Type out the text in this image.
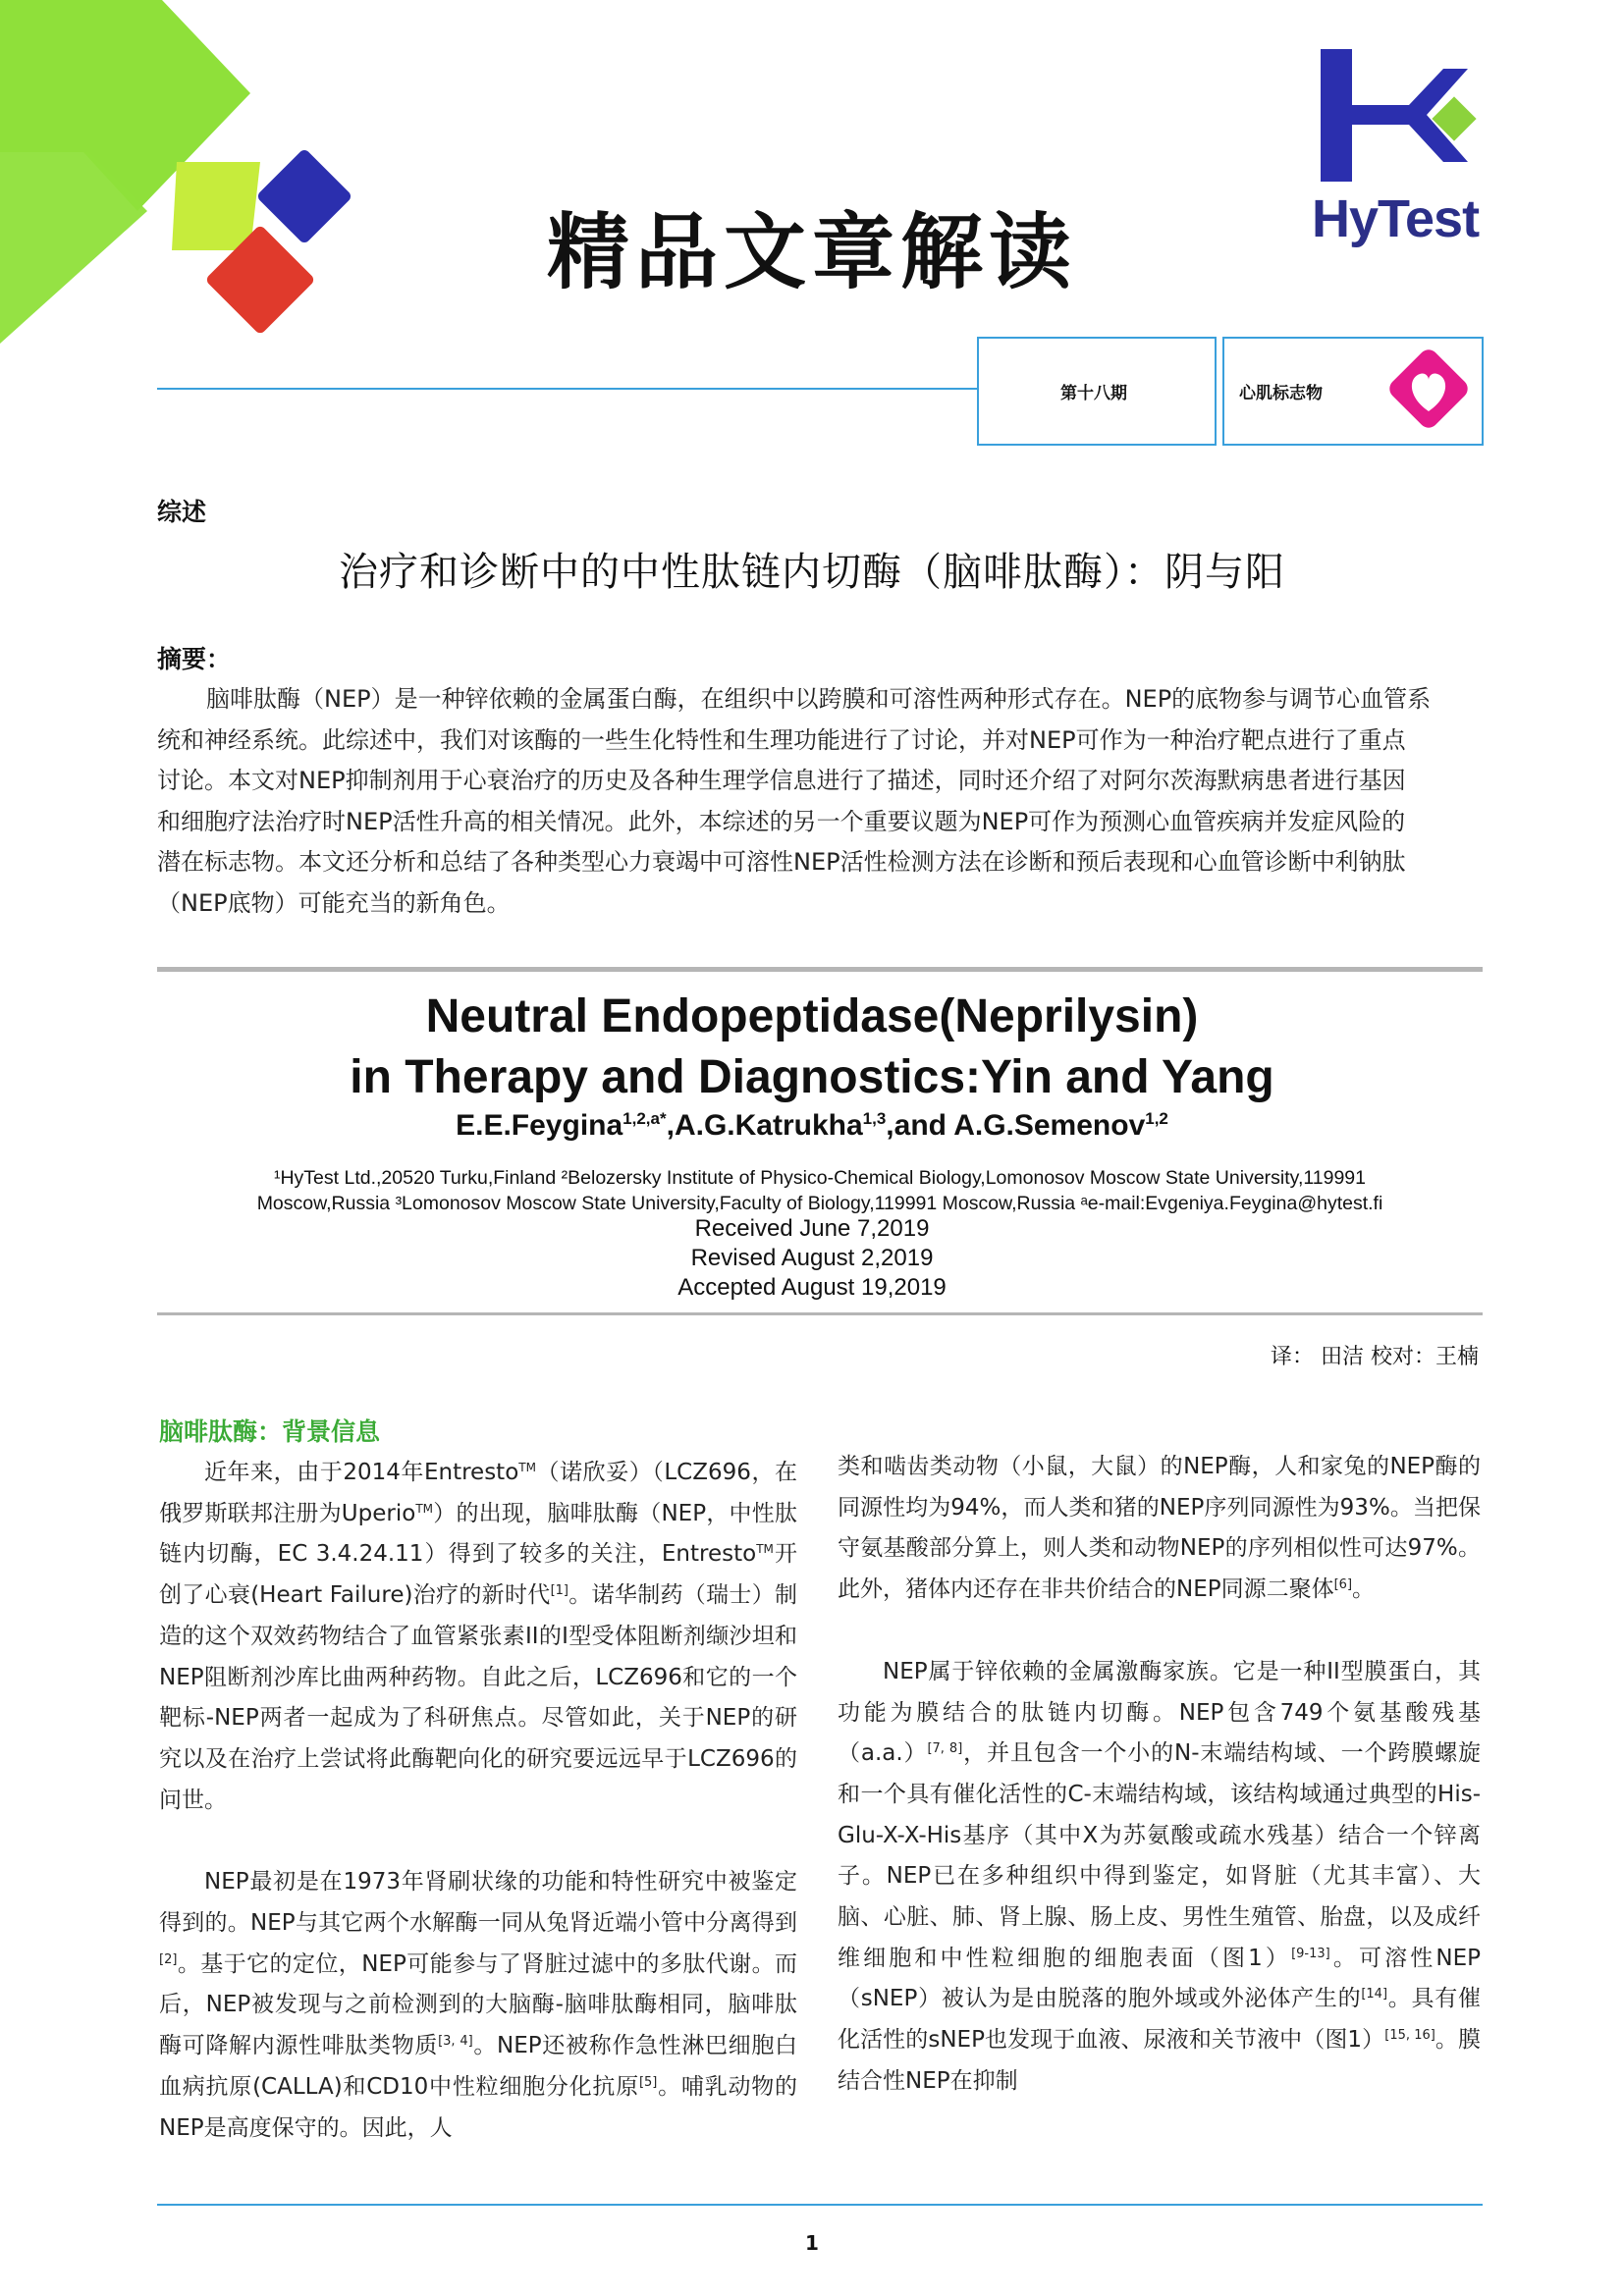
HyTest
精品文章解读
第十八期	心肌标志物
综述
治疗和诊断中的中性肽链内切酶（脑啡肽酶）：阴与阳
摘要：
脑啡肽酶（NEP）是一种锌依赖的金属蛋白酶，在组织中以跨膜和可溶性两种形式存在。NEP的底物参与调节心血管系
统和神经系统。此综述中，我们对该酶的一些生化特性和生理功能进行了讨论，并对NEP可作为一种治疗靶点进行了重点
讨论。本文对NEP抑制剂用于心衰治疗的历史及各种生理学信息进行了描述，同时还介绍了对阿尔茨海默病患者进行基因
和细胞疗法治疗时NEP活性升高的相关情况。此外，本综述的另一个重要议题为NEP可作为预测心血管疾病并发症风险的
潜在标志物。本文还分析和总结了各种类型心力衰竭中可溶性NEP活性检测方法在诊断和预后表现和心血管诊断中利钠肽
（NEP底物）可能充当的新角色。
Neutral Endopeptidase(Neprilysin)
in Therapy and Diagnostics:Yin and Yang
E.E.Feygina$^{1,2,a*}$,A.G.Katrukha$^{1,3}$,and A.G.Semenov$^{1,2}$
¹HyTest Ltd.,20520 Turku,Finland ²Belozersky Institute of Physico-Chemical Biology,Lomonosov Moscow State University,119991
Moscow,Russia ³Lomonosov Moscow State University,Faculty of Biology,119991 Moscow,Russia ᵃe-mail:Evgeniya.Feygina@hytest.fi
Received June 7,2019
Revised August 2,2019
Accepted August 19,2019
译： 田洁 校对：王楠
脑啡肽酶：背景信息

近年来，由于2014年Entresto™（诺欣妥）（LCZ696，在俄罗斯联邦注册为Uperio™）的出现，脑啡肽酶（NEP，中性肽链内切酶，EC 3.4.24.11）得到了较多的关注，Entresto™开创了心衰(Heart Failure)治疗的新时代[1]。诺华制药（瑞士）制造的这个双效药物结合了血管紧张素II的I型受体阻断剂缬沙坦和NEP阻断剂沙库比曲两种药物。自此之后，LCZ696和它的一个靶标-NEP两者一起成为了科研焦点。尽管如此，关于NEP的研究以及在治疗上尝试将此酶靶向化的研究要远远早于LCZ696的问世。

NEP最初是在1973年肾刷状缘的功能和特性研究中被鉴定得到的。NEP与其它两个水解酶一同从兔肾近端小管中分离得到[2]。基于它的定位，NEP可能参与了肾脏过滤中的多肽代谢。而后，NEP被发现与之前检测到的大脑酶-脑啡肽酶相同，脑啡肽酶可降解内源性啡肽类物质[3, 4]。NEP还被称作急性淋巴细胞白血病抗原(CALLA)和CD10中性粒细胞分化抗原[5]。哺乳动物的NEP是高度保守的。因此，人

类和啮齿类动物（小鼠，大鼠）的NEP酶，人和家兔的NEP酶的同源性均为94%，而人类和猪的NEP序列同源性为93%。当把保守氨基酸部分算上，则人类和动物NEP的序列相似性可达97%。此外，猪体内还存在非共价结合的NEP同源二聚体[6]。

NEP属于锌依赖的金属激酶家族。它是一种II型膜蛋白，其功能为膜结合的肽链内切酶。NEP包含749个氨基酸残基（a.a.）[7, 8]，并且包含一个小的N-末端结构域、一个跨膜螺旋和一个具有催化活性的C-末端结构域，该结构域通过典型的His-Glu-X-X-His基序（其中X为苏氨酸或疏水残基）结合一个锌离子。NEP已在多种组织中得到鉴定，如肾脏（尤其丰富）、大脑、心脏、肺、肾上腺、肠上皮、男性生殖管、胎盘，以及成纤维细胞和中性粒细胞的细胞表面（图1）[9-13]。可溶性NEP（sNEP）被认为是由脱落的胞外域或外泌体产生的[14]。具有催化活性的sNEP也发现于血液、尿液和关节液中（图1）[15, 16]。膜结合性NEP在抑制

1
